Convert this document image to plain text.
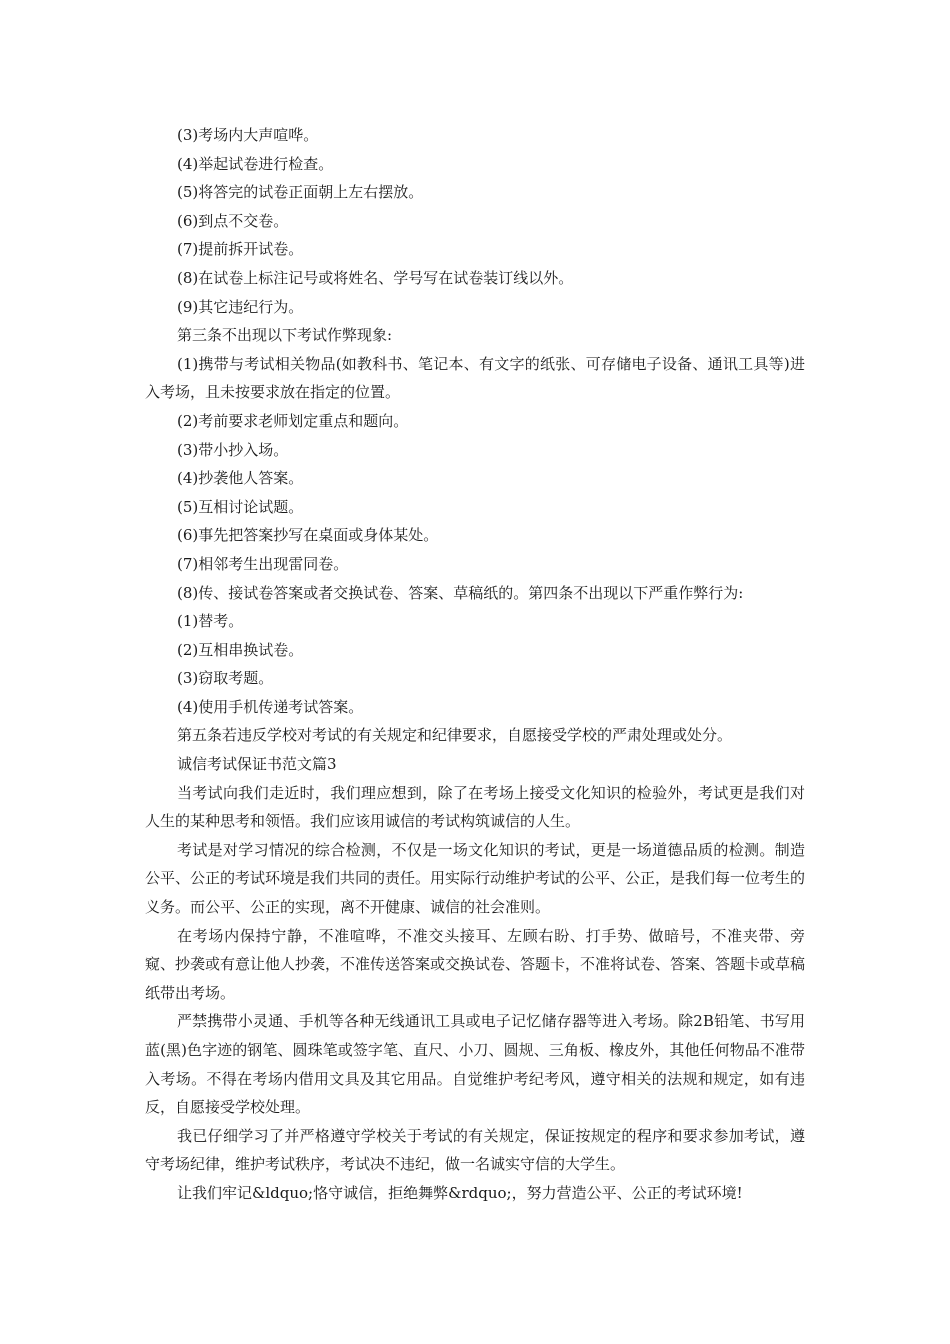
(3)考场内大声喧哗。

(4)举起试卷进行检查。

(5)将答完的试卷正面朝上左右摆放。

(6)到点不交卷。

(7)提前拆开试卷。

(8)在试卷上标注记号或将姓名、学号写在试卷装订线以外。

(9)其它违纪行为。

第三条不出现以下考试作弊现象:

(1)携带与考试相关物品(如教科书、笔记本、有文字的纸张、可存储电子设备、通讯工具等)进入考场，且未按要求放在指定的位置。

(2)考前要求老师划定重点和题向。

(3)带小抄入场。

(4)抄袭他人答案。

(5)互相讨论试题。

(6)事先把答案抄写在桌面或身体某处。

(7)相邻考生出现雷同卷。

(8)传、接试卷答案或者交换试卷、答案、草稿纸的。第四条不出现以下严重作弊行为:

(1)替考。

(2)互相串换试卷。

(3)窃取考题。

(4)使用手机传递考试答案。

第五条若违反学校对考试的有关规定和纪律要求，自愿接受学校的严肃处理或处分。

诚信考试保证书范文篇3

当考试向我们走近时，我们理应想到，除了在考场上接受文化知识的检验外，考试更是我们对人生的某种思考和领悟。我们应该用诚信的考试构筑诚信的人生。

考试是对学习情况的综合检测，不仅是一场文化知识的考试，更是一场道德品质的检测。制造公平、公正的考试环境是我们共同的责任。用实际行动维护考试的公平、公正，是我们每一位考生的义务。而公平、公正的实现，离不开健康、诚信的社会准则。

在考场内保持宁静，不准喧哗，不准交头接耳、左顾右盼、打手势、做暗号，不准夹带、旁窥、抄袭或有意让他人抄袭，不准传送答案或交换试卷、答题卡，不准将试卷、答案、答题卡或草稿纸带出考场。

严禁携带小灵通、手机等各种无线通讯工具或电子记忆储存器等进入考场。除2B铅笔、书写用蓝(黑)色字迹的钢笔、圆珠笔或签字笔、直尺、小刀、圆规、三角板、橡皮外，其他任何物品不准带入考场。不得在考场内借用文具及其它用品。自觉维护考纪考风，遵守相关的法规和规定，如有违反，自愿接受学校处理。

我已仔细学习了并严格遵守学校关于考试的有关规定，保证按规定的程序和要求参加考试，遵守考场纪律，维护考试秩序，考试决不违纪，做一名诚实守信的大学生。

让我们牢记&ldquo;恪守诚信，拒绝舞弊&rdquo;，努力营造公平、公正的考试环境!
